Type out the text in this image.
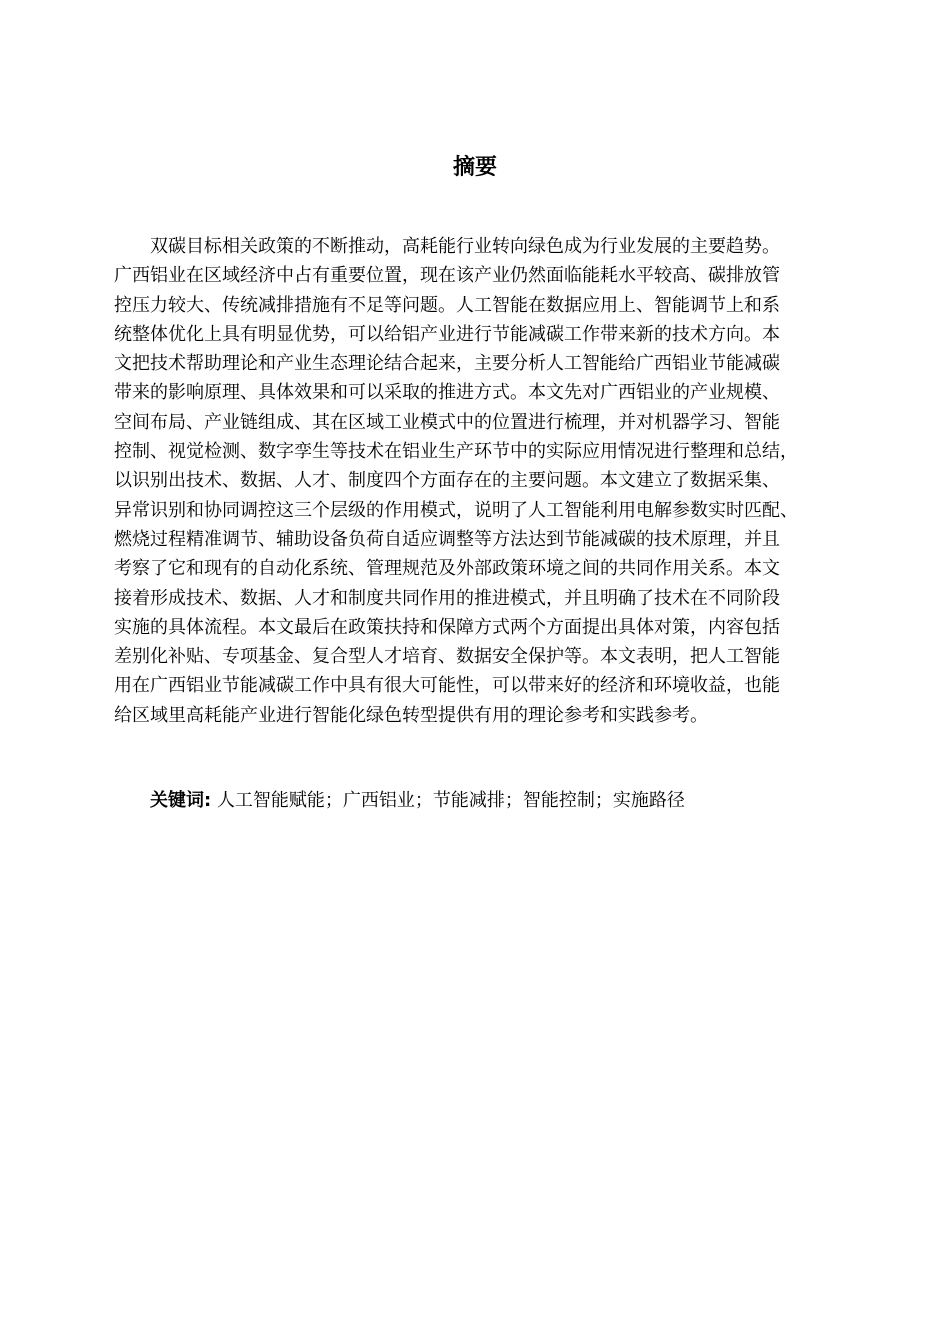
摘要
双碳目标相关政策的不断推动，高耗能行业转向绿色成为行业发展的主要趋势。
广西铝业在区域经济中占有重要位置，现在该产业仍然面临能耗水平较高、碳排放管
控压力较大、传统减排措施有不足等问题。人工智能在数据应用上、智能调节上和系
统整体优化上具有明显优势，可以给铝产业进行节能减碳工作带来新的技术方向。本
文把技术帮助理论和产业生态理论结合起来，主要分析人工智能给广西铝业节能减碳
带来的影响原理、具体效果和可以采取的推进方式。本文先对广西铝业的产业规模、
空间布局、产业链组成、其在区域工业模式中的位置进行梳理，并对机器学习、智能
控制、视觉检测、数字孪生等技术在铝业生产环节中的实际应用情况进行整理和总结，
以识别出技术、数据、人才、制度四个方面存在的主要问题。本文建立了数据采集、
异常识别和协同调控这三个层级的作用模式，说明了人工智能利用电解参数实时匹配、
燃烧过程精准调节、辅助设备负荷自适应调整等方法达到节能减碳的技术原理，并且
考察了它和现有的自动化系统、管理规范及外部政策环境之间的共同作用关系。本文
接着形成技术、数据、人才和制度共同作用的推进模式，并且明确了技术在不同阶段
实施的具体流程。本文最后在政策扶持和保障方式两个方面提出具体对策，内容包括
差别化补贴、专项基金、复合型人才培育、数据安全保护等。本文表明，把人工智能
用在广西铝业节能减碳工作中具有很大可能性，可以带来好的经济和环境收益，也能
给区域里高耗能产业进行智能化绿色转型提供有用的理论参考和实践参考。

关键词: 人工智能赋能；广西铝业；节能减排；智能控制；实施路径
